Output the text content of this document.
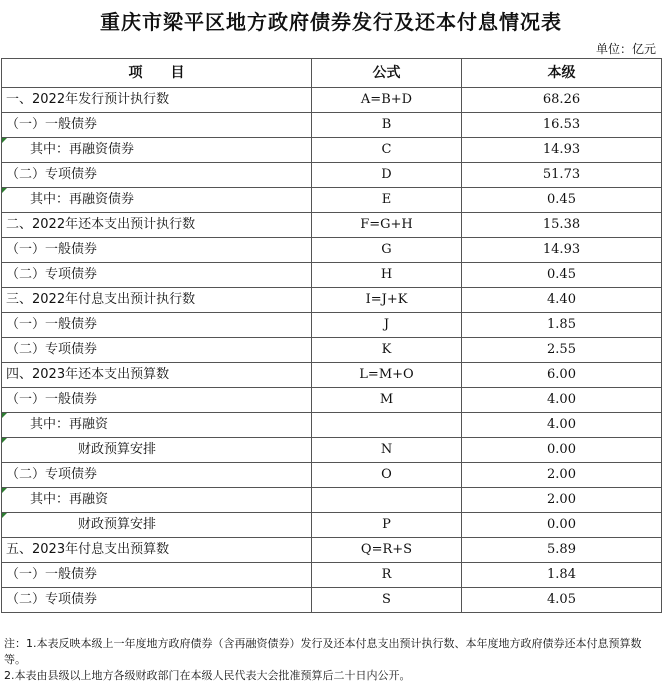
重庆市梁平区地方政府债券发行及还本付息情况表
单位：亿元
项　　目	公式	本级
一、2022年发行预计执行数	A=B+D	68.26
（一）一般债券	B	16.53
其中：再融资债券	C	14.93
（二）专项债券	D	51.73
其中：再融资债券	E	0.45
二、2022年还本支出预计执行数	F=G+H	15.38
（一）一般债券	G	14.93
（二）专项债券	H	0.45
三、2022年付息支出预计执行数	I=J+K	4.40
（一）一般债券	J	1.85
（二）专项债券	K	2.55
四、2023年还本支出预算数	L=M+O	6.00
（一）一般债券	M	4.00
其中：再融资		4.00
财政预算安排	N	0.00
（二）专项债券	O	2.00
其中：再融资		2.00
财政预算安排	P	0.00
五、2023年付息支出预算数	Q=R+S	5.89
（一）一般债券	R	1.84
（二）专项债券	S	4.05
注：1.本表反映本级上一年度地方政府债券（含再融资债券）发行及还本付息支出预计执行数、本年度地方政府债券还本付息预算数等。
2.本表由县级以上地方各级财政部门在本级人民代表大会批准预算后二十日内公开。
